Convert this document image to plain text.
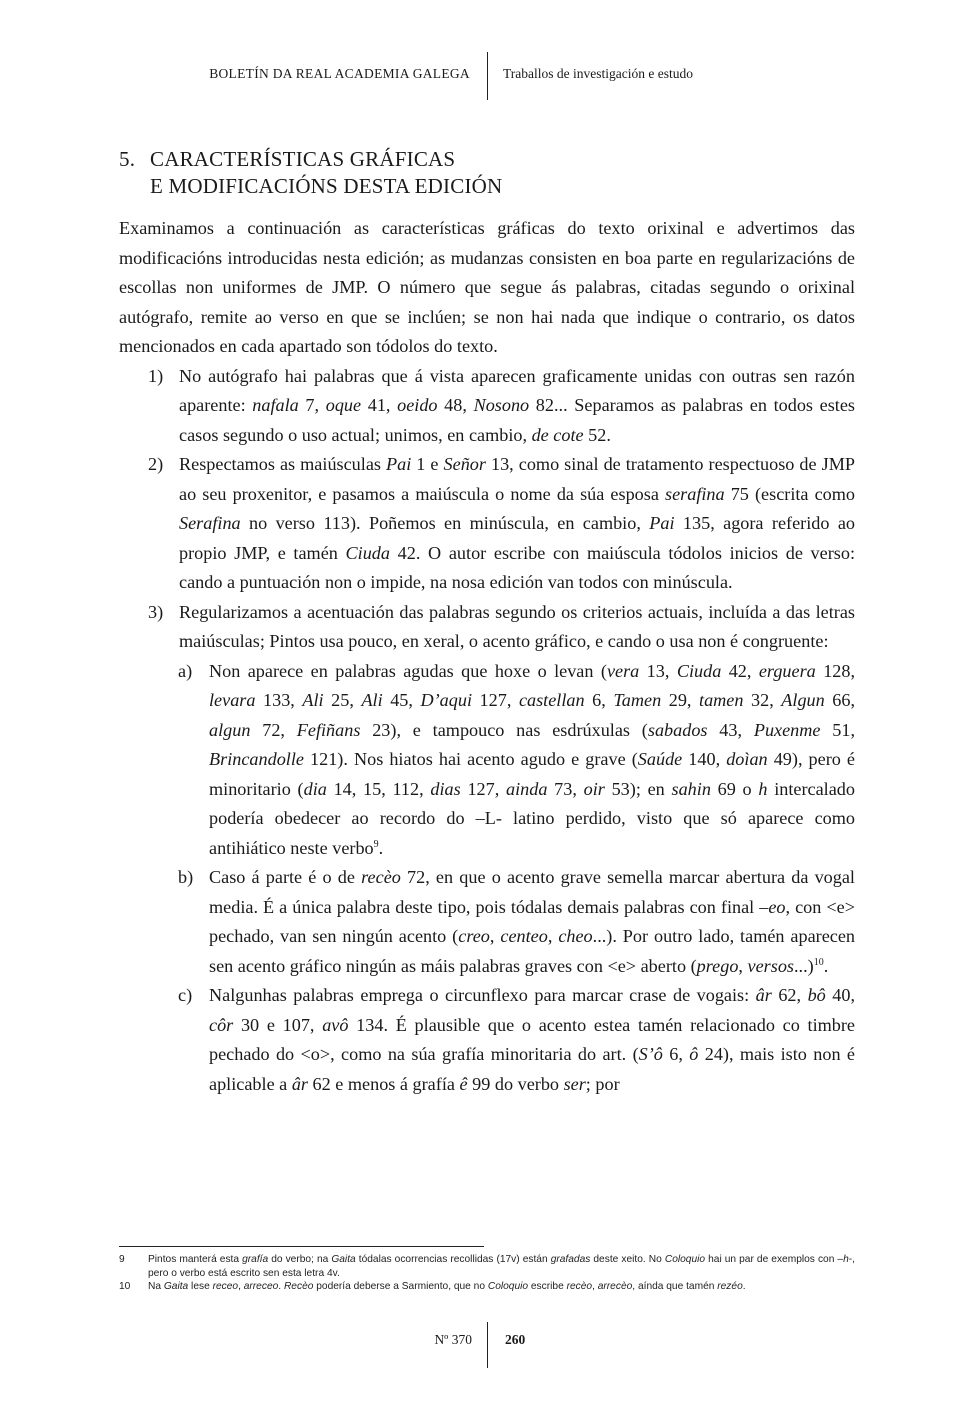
BOLETÍN DA REAL ACADEMIA GALEGA Traballos de investigación e estudo
5. CARACTERÍSTICAS GRÁFICAS
E MODIFICACIÓNS DESTA EDICIÓN

Examinamos a continuación as características gráficas do texto orixinal e advertimos das modificacións introducidas nesta edición; as mudanzas consisten en boa parte en regularizacións de escollas non uniformes de JMP. O número que segue ás palabras, citadas segundo o orixinal autógrafo, remite ao verso en que se inclúen; se non hai nada que indique o contrario, os datos mencionados en cada apartado son tódolos do texto.

1) No autógrafo hai palabras que á vista aparecen graficamente unidas con outras sen razón aparente: nafala 7, oque 41, oeido 48, Nosono 82... Separamos as palabras en todos estes casos segundo o uso actual; unimos, en cambio, de cote 52.

2) Respectamos as maiúsculas Pai 1 e Señor 13, como sinal de tratamento respectuoso de JMP ao seu proxenitor, e pasamos a maiúscula o nome da súa esposa serafina 75 (escrita como Serafina no verso 113). Poñemos en minúscula, en cambio, Pai 135, agora referido ao propio JMP, e tamén Ciuda 42. O autor escribe con maiúscula tódolos inicios de verso: cando a puntuación non o impide, na nosa edición van todos con minúscula.

3) Regularizamos a acentuación das palabras segundo os criterios actuais, incluída a das letras maiúsculas; Pintos usa pouco, en xeral, o acento gráfico, e cando o usa non é congruente:

a) Non aparece en palabras agudas que hoxe o levan (vera 13, Ciuda 42, erguera 128, levara 133, Ali 25, Ali 45, D’aqui 127, castellan 6, Tamen 29, tamen 32, Algun 66, algun 72, Fefiñans 23), e tampouco nas esdrúxulas (sabados 43, Puxenme 51, Brincandolle 121). Nos hiatos hai acento agudo e grave (Saúde 140, doìan 49), pero é minoritario (dia 14, 15, 112, dias 127, ainda 73, oir 53); en sahin 69 o h intercalado podería obedecer ao recordo do –L- latino perdido, visto que só aparece como antihiático neste verbo$^9$.

b) Caso á parte é o de recèo 72, en que o acento grave semella marcar abertura da vogal media. É a única palabra deste tipo, pois tódalas demais palabras con final –eo, con <e> pechado, van sen ningún acento (creo, centeo, cheo...). Por outro lado, tamén aparecen sen acento gráfico ningún as máis palabras graves con <e> aberto (prego, versos...)$^{10}$.

c) Nalgunhas palabras emprega o circunflexo para marcar crase de vogais: âr 62, bô 40, côr 30 e 107, avô 134. É plausible que o acento estea tamén relacionado co timbre pechado do <o>, como na súa grafía minoritaria do art. (S’ô 6, ô 24), mais isto non é aplicable a âr 62 e menos á grafía ê 99 do verbo ser; por

9 Pintos manterá esta grafía do verbo; na Gaita tódalas ocorrencias recollidas (17v) están grafadas deste xeito. No Coloquio hai un par de exemplos con –h-, pero o verbo está escrito sen esta letra 4v.
10 Na Gaita lese receo, arreceo. Recèo podería deberse a Sarmiento, que no Coloquio escribe recèo, arrecèo, aínda que tamén rezéo.
Nº 370 260
